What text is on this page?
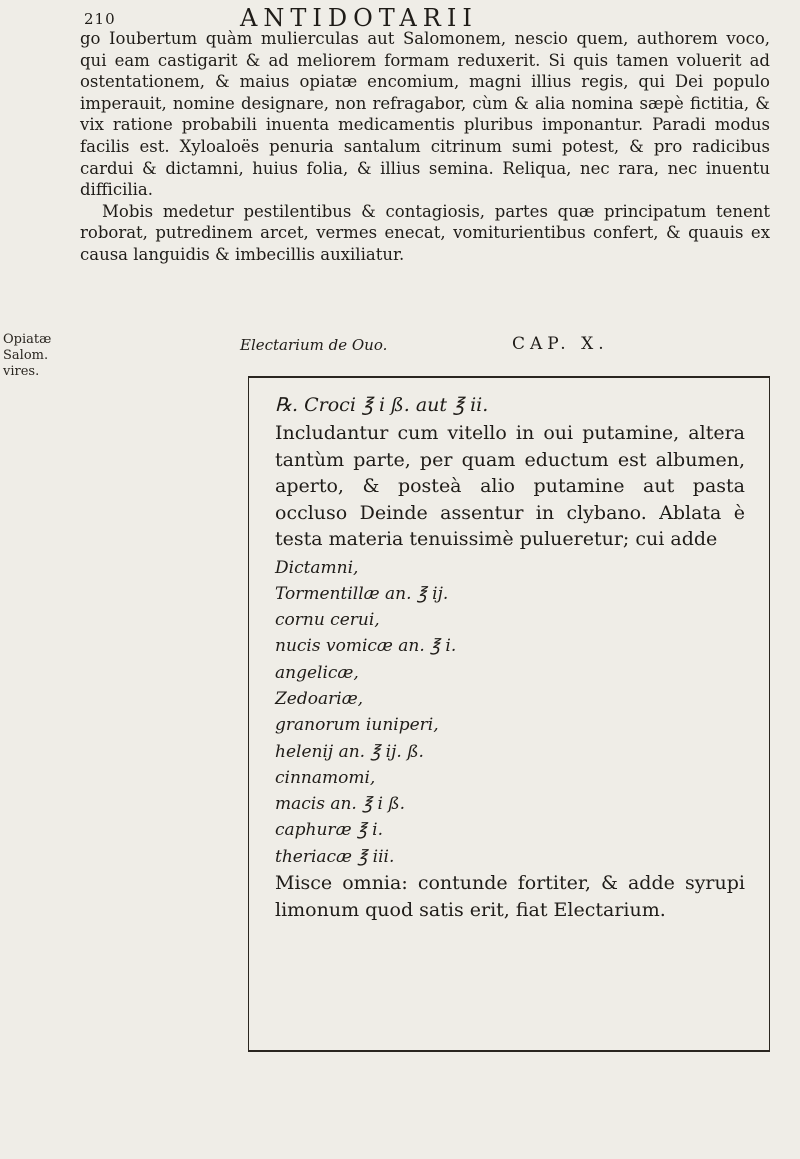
210	ANTIDOTARII
Opiatæ Salom. vires.

go Ioubertum quàm mulierculas aut Salomonem, nescio quem, authorem voco, qui eam castigarit & ad meliorem formam reduxerit. Si quis tamen voluerit ad ostentationem, & maius opiatæ encomium, magni illius regis, qui Dei populo imperauit, nomine designare, non refragabor, cùm & alia nomina sæpè fictitia, & vix ratione probabili inuenta medicamentis pluribus imponantur. Paradi modus facilis est. Xyloaloës penuria santalum citrinum sumi potest, & pro radicibus cardui & dictamni, huius folia, & illius semina. Reliqua, nec rara, nec inuentu difficilia.

Mobis medetur pestilentibus & contagiosis, partes quæ principatum tenent roborat, putredinem arcet, vermes enecat, vomiturientibus confert, & quauis ex causa languidis & imbecillis auxiliatur.

Electarium de Ouo.	CAP. X.

℞. Croci ℥ i ß. aut ℥ ii.

Includantur cum vitello in oui putamine, altera tantùm parte, per quam eductum est albumen, aperto, & posteà alio putamine aut pasta occluso Deinde assentur in clybano. Ablata è testa materia tenuissimè pulueretur; cui adde

Dictamni,
Tormentillæ an. ℥ ij.
cornu cerui,
nucis vomicæ an. ℥ i.
angelicæ,
Zedoariæ,
granorum iuniperi,
helenij an. ℥ ij. ß.
cinnamomi,
macis an. ℥ i ß.
caphuræ ℥ i.
theriacæ ℥ iii.

Misce omnia: contunde fortiter, & adde syrupi limonum quod satis erit, fiat Electarium.
